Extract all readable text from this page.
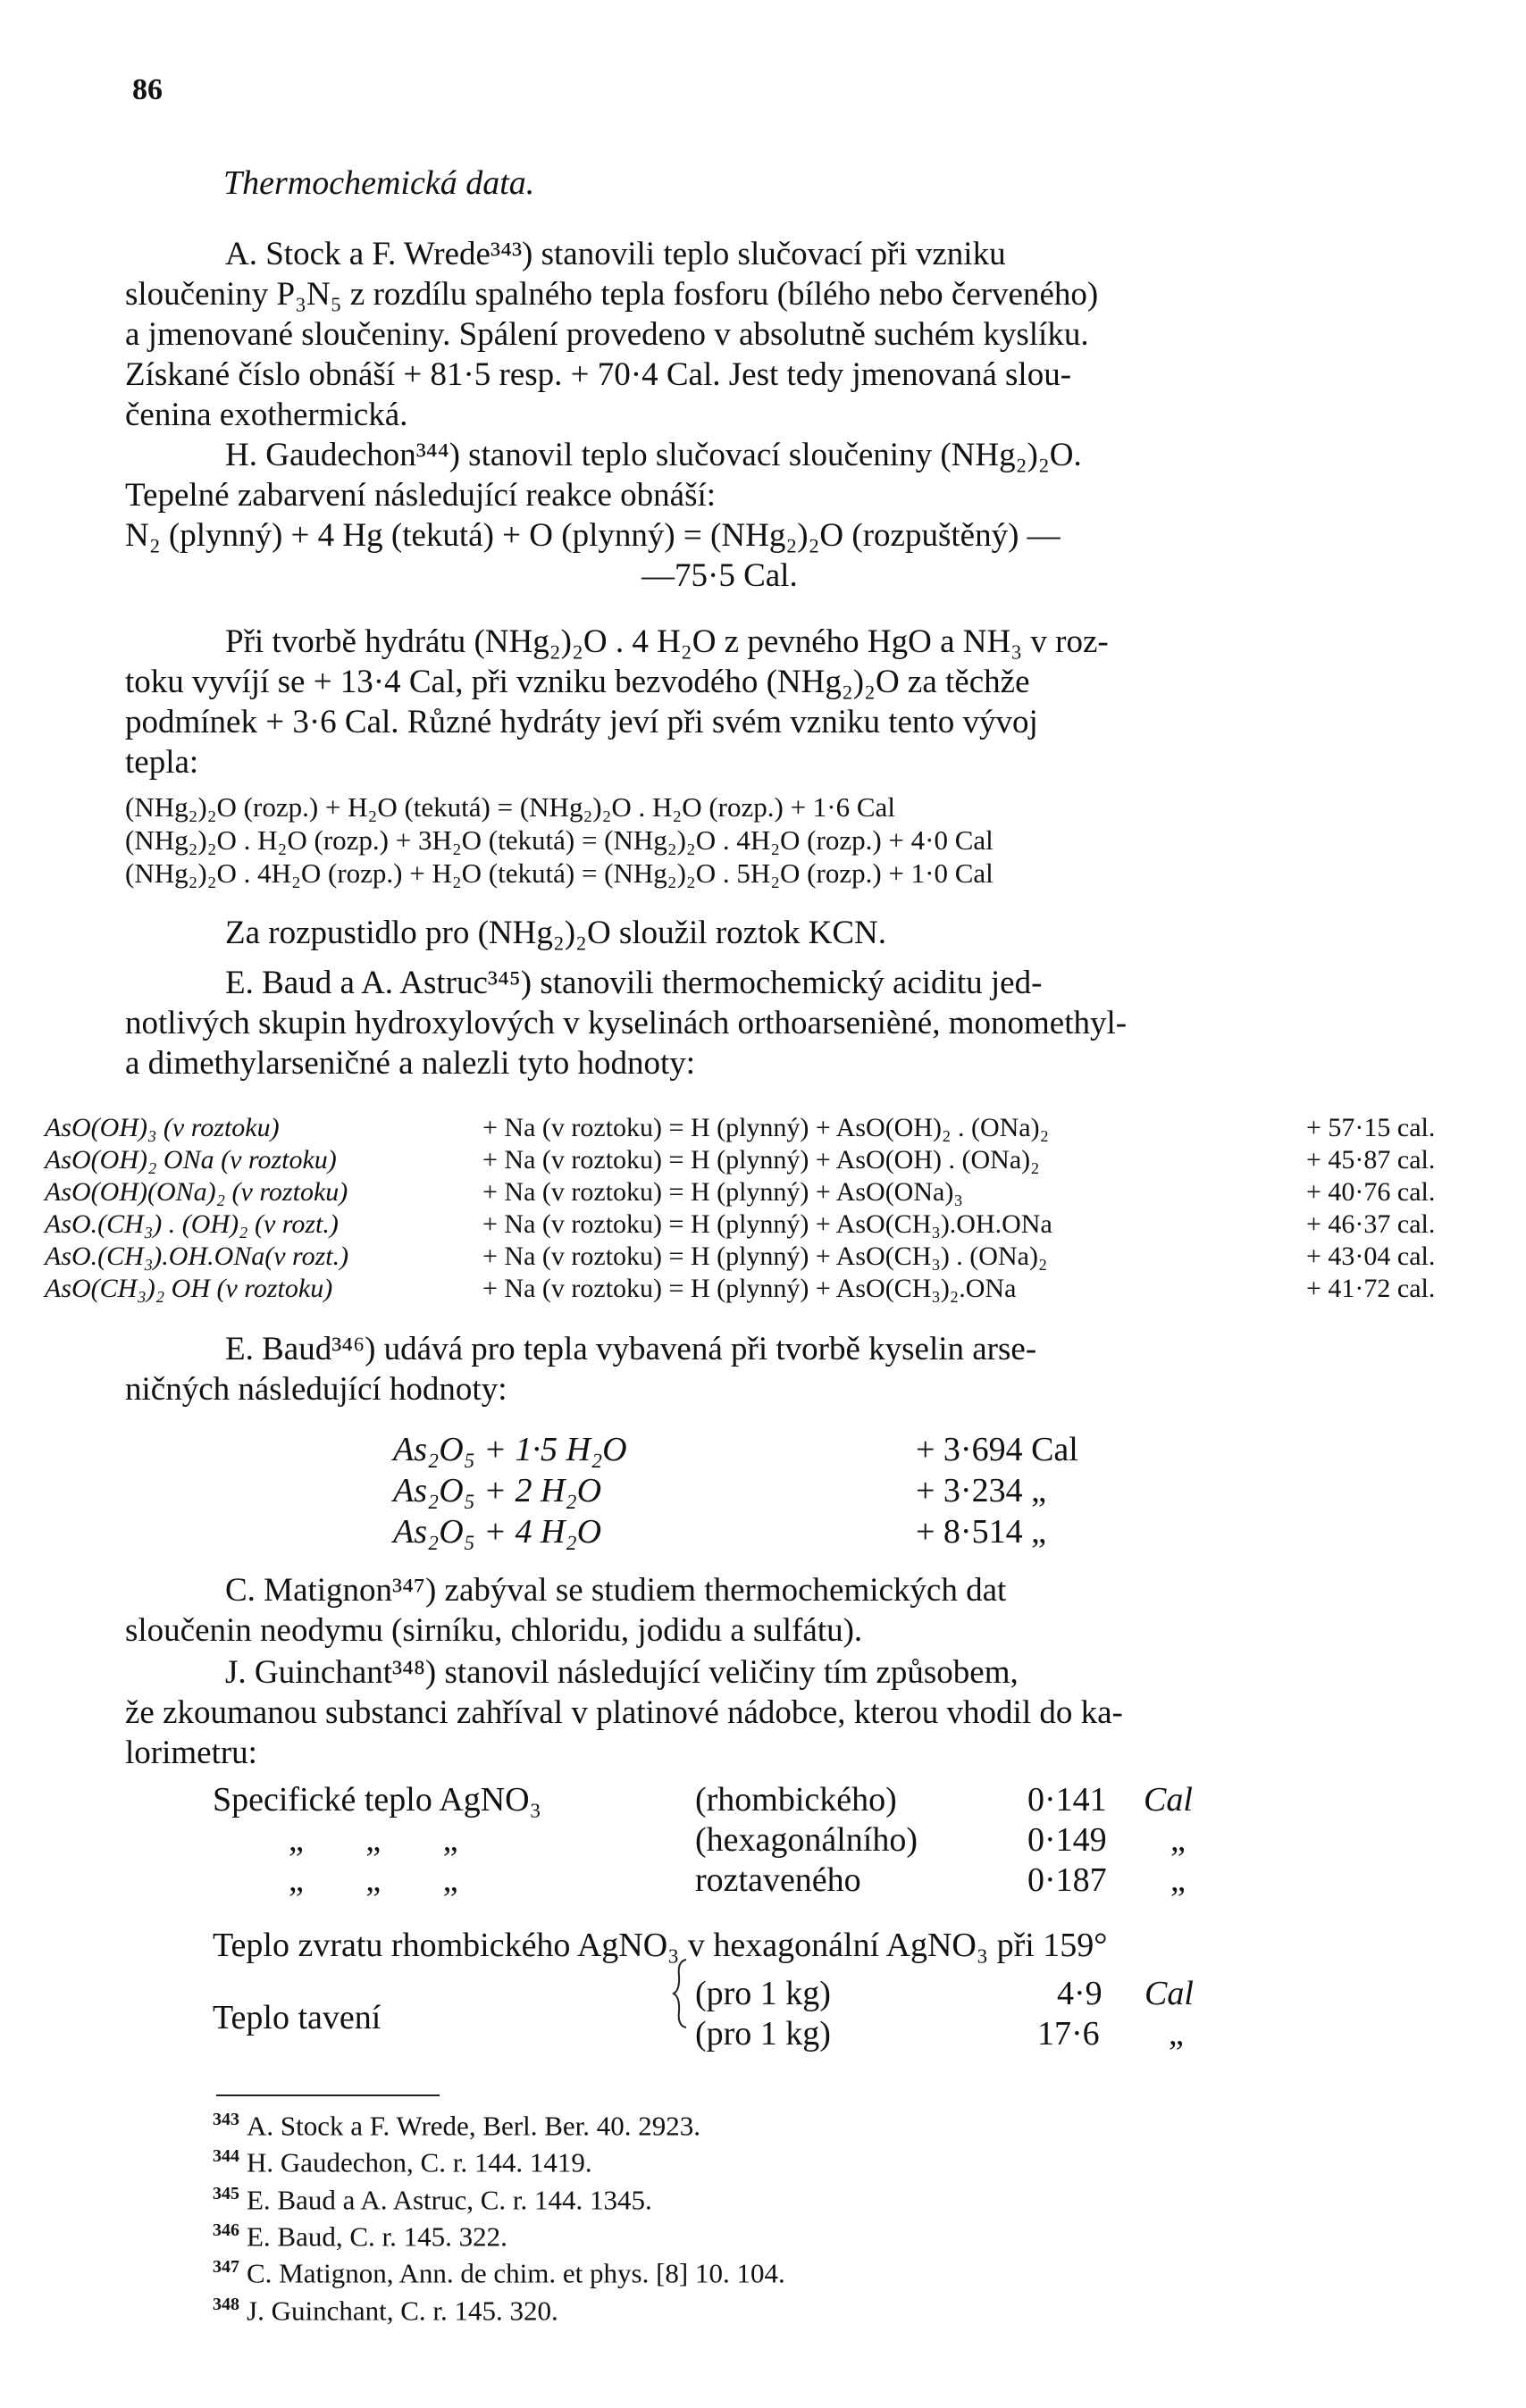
86
Thermochemická data.
A. Stock a F. Wrede³⁴³) stanovili teplo slučovací při vzniku
sloučeniny P₃N₅ z rozdílu spalného tepla fosforu (bílého nebo červeného)
a jmenované sloučeniny. Spálení provedeno v absolutně suchém kyslíku.
Získané číslo obnáší + 81·5 resp. + 70·4 Cal. Jest tedy jmenovaná slou-
čenina exothermická.
H. Gaudechon³⁴⁴) stanovil teplo slučovací sloučeniny (NHg₂)₂O.
Tepelné zabarvení následující reakce obnáší:
N₂ (plynný) + 4 Hg (tekutá) + O (plynný) = (NHg₂)₂O (rozpuštěný) —
—75·5 Cal.
Při tvorbě hydrátu (NHg₂)₂O . 4 H₂O z pevného HgO a NH₃ v roz-
toku vyvíjí se + 13·4 Cal, při vzniku bezvodého (NHg₂)₂O za těchže
podmínek + 3·6 Cal. Různé hydráty jeví při svém vzniku tento vývoj
tepla:
(NHg₂)₂O (rozp.) + H₂O (tekutá) = (NHg₂)₂O . H₂O (rozp.) + 1·6 Cal
(NHg₂)₂O . H₂O (rozp.) + 3H₂O (tekutá) = (NHg₂)₂O . 4H₂O (rozp.) + 4·0 Cal
(NHg₂)₂O . 4H₂O (rozp.) + H₂O (tekutá) = (NHg₂)₂O . 5H₂O (rozp.) + 1·0 Cal
Za rozpustidlo pro (NHg₂)₂O sloužil roztok KCN.
E. Baud a A. Astruc³⁴⁵) stanovili thermochemický aciditu jed-
notlivých skupin hydroxylových v kyselinách orthoarsenièné, monomethyl-
a dimethylarseničné a nalezli tyto hodnoty:
AsO(OH)₃ (v roztoku)	+ Na (v roztoku) = H (plynný) + AsO(OH)₂ . (ONa)₂	+ 57·15 cal.
AsO(OH)₂ ONa (v roztoku)	+ Na (v roztoku) = H (plynný) + AsO(OH) . (ONa)₂	+ 45·87 cal.
AsO(OH)(ONa)₂ (v roztoku)	+ Na (v roztoku) = H (plynný) + AsO(ONa)₃	+ 40·76 cal.
AsO.(CH₃) . (OH)₂ (v rozt.)	+ Na (v roztoku) = H (plynný) + AsO(CH₃).OH.ONa	+ 46·37 cal.
AsO.(CH₃).OH.ONa(v rozt.)	+ Na (v roztoku) = H (plynný) + AsO(CH₃) . (ONa)₂	+ 43·04 cal.
AsO(CH₃)₂ OH (v roztoku)	+ Na (v roztoku) = H (plynný) + AsO(CH₃)₂.ONa	+ 41·72 cal.
E. Baud³⁴⁶) udává pro tepla vybavená při tvorbě kyselin arse-
ničných následující hodnoty:
As₂O₅ + 1·5 H₂O	+ 3·694 Cal
As₂O₅ + 2 H₂O	+ 3·234 „
As₂O₅ + 4 H₂O	+ 8·514 „
C. Matignon³⁴⁷) zabýval se studiem thermochemických dat
sloučenin neodymu (sirníku, chloridu, jodidu a sulfátu).
J. Guinchant³⁴⁸) stanovil následující veličiny tím způsobem,
že zkoumanou substanci zahříval v platinové nádobce, kterou vhodil do ka-
lorimetru:
Specifické teplo AgNO₃	(rhombického)	0·141 Cal
„ „ „	(hexagonálního)	0·149 „
„ „ „	roztaveného	0·187 „
Teplo zvratu rhombického AgNO₃ v hexagonální AgNO₃ při 159°
Teplo tavení
(pro 1 kg)	4·9 Cal
(pro 1 kg)	17·6 „
$^{343}$ A. Stock a F. Wrede, Berl. Ber. 40. 2923.
$^{344}$ H. Gaudechon, C. r. 144. 1419.
$^{345}$ E. Baud a A. Astruc, C. r. 144. 1345.
$^{346}$ E. Baud, C. r. 145. 322.
$^{347}$ C. Matignon, Ann. de chim. et phys. [8] 10. 104.
$^{348}$ J. Guinchant, C. r. 145. 320.
